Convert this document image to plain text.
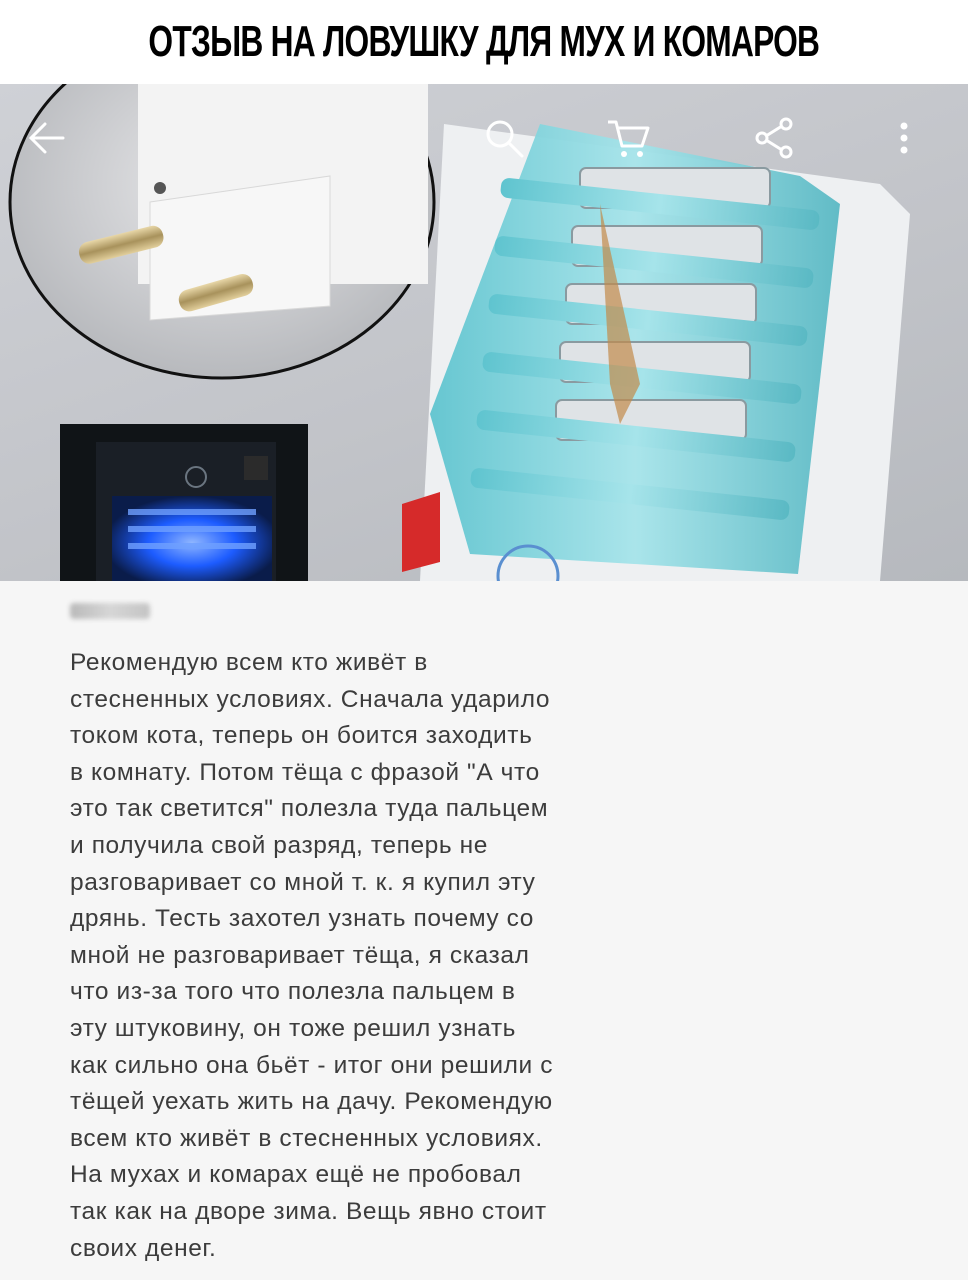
ОТЗЫВ НА ЛОВУШКУ ДЛЯ МУХ И КОМАРОВ

Рекомендую всем кто живёт в
стесненных условиях. Сначала ударило
током кота, теперь он боится заходить
в комнату. Потом тёща с фразой "А что
это так светится" полезла туда пальцем
и получила свой разряд, теперь не
разговаривает со мной т. к. я купил эту
дрянь. Тесть захотел узнать почему со
мной не разговаривает тёща, я сказал
что из-за того что полезла пальцем в
эту штуковину, он тоже решил узнать
как сильно она бьёт - итог они решили с
тёщей уехать жить на дачу. Рекомендую
всем кто живёт в стесненных условиях.
На мухах и комарах ещё не пробовал
так как на дворе зима. Вещь явно стоит
своих денег.
